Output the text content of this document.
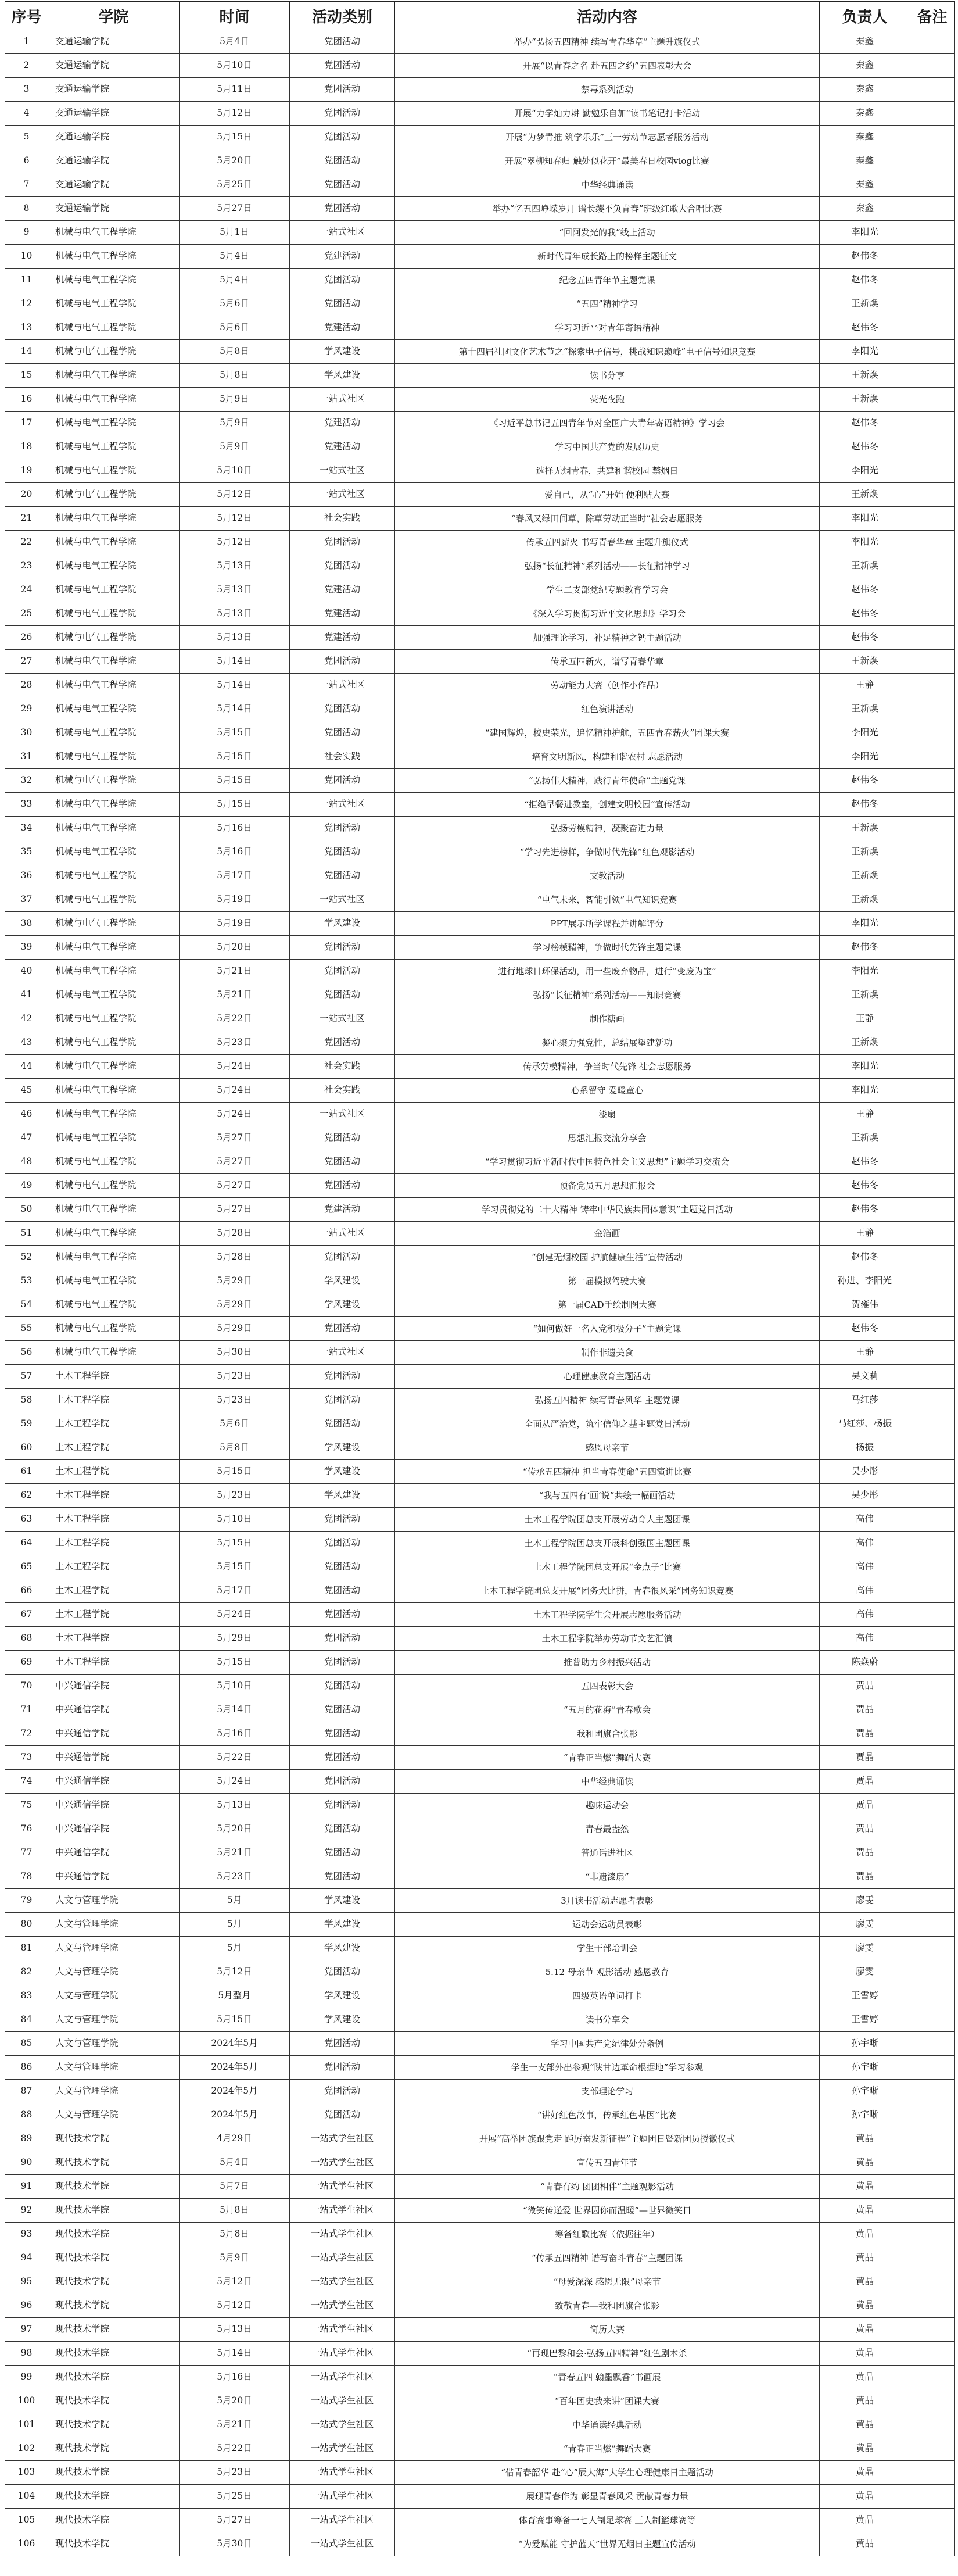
序号	学院	时间	活动类别	活动内容	负责人	备注
1	交通运输学院	5月4日	党团活动	举办“弘扬五四精神 续写青春华章”主题升旗仪式	秦鑫	
2	交通运输学院	5月10日	党团活动	开展“以青春之名 赴五四之约”五四表彰大会	秦鑫	
3	交通运输学院	5月11日	党团活动	禁毒系列活动	秦鑫	
4	交通运输学院	5月12日	党团活动	开展“力学灿力耕 勤勉乐自加”读书笔记打卡活动	秦鑫	
5	交通运输学院	5月15日	党团活动	开展“为梦青推 筑学乐乐”三一劳动节志愿者服务活动	秦鑫	
6	交通运输学院	5月20日	党团活动	开展“翠柳知春归 触处似花开”最美春日校园vlog比赛	秦鑫	
7	交通运输学院	5月25日	党团活动	中华经典诵读	秦鑫	
8	交通运输学院	5月27日	党团活动	举办“忆五四峥嵘岁月 谱长缨不负青春”班级红歌大合唱比赛	秦鑫	
9	机械与电气工程学院	5月1日	一站式社区	“回阿发光的我”线上活动	李阳光	
10	机械与电气工程学院	5月4日	党建活动	新时代青年成长路上的榜样主题征文	赵伟冬	
11	机械与电气工程学院	5月4日	党团活动	纪念五四青年节主题党课	赵伟冬	
12	机械与电气工程学院	5月6日	党团活动	“五四”精神学习	王新焕	
13	机械与电气工程学院	5月6日	党建活动	学习习近平对青年寄语精神	赵伟冬	
14	机械与电气工程学院	5月8日	学风建设	第十四届社团文化艺术节之“探索电子信号，挑战知识巅峰”电子信号知识竞赛	李阳光	
15	机械与电气工程学院	5月8日	学风建设	读书分享	王新焕	
16	机械与电气工程学院	5月9日	一站式社区	荧光夜跑	王新焕	
17	机械与电气工程学院	5月9日	党建活动	《习近平总书记五四青年节对全国广大青年寄语精神》学习会	赵伟冬	
18	机械与电气工程学院	5月9日	党建活动	学习中国共产党的发展历史	赵伟冬	
19	机械与电气工程学院	5月10日	一站式社区	选择无烟青春，共建和谐校园 禁烟日	李阳光	
20	机械与电气工程学院	5月12日	一站式社区	爱自己，从“心”开始 便利贴大赛	王新焕	
21	机械与电气工程学院	5月12日	社会实践	“春风又绿田间草，除草劳动正当时”社会志愿服务	李阳光	
22	机械与电气工程学院	5月12日	党团活动	传承五四薪火 书写青春华章 主题升旗仪式	李阳光	
23	机械与电气工程学院	5月13日	党团活动	弘扬“长征精神”系列活动——长征精神学习	王新焕	
24	机械与电气工程学院	5月13日	党建活动	学生二支部党纪专题教育学习会	赵伟冬	
25	机械与电气工程学院	5月13日	党建活动	《深入学习贯彻习近平文化思想》学习会	赵伟冬	
26	机械与电气工程学院	5月13日	党建活动	加强理论学习，补足精神之钙主题活动	赵伟冬	
27	机械与电气工程学院	5月14日	党团活动	传承五四新火，谱写青春华章	王新焕	
28	机械与电气工程学院	5月14日	一站式社区	劳动能力大赛（创作小作品）	王静	
29	机械与电气工程学院	5月14日	党团活动	红色演讲活动	王新焕	
30	机械与电气工程学院	5月15日	党团活动	“建国辉煌，校史荣光，追忆精神护航，五四青春薪火”团课大赛	李阳光	
31	机械与电气工程学院	5月15日	社会实践	培育文明新风，构建和谐农村 志愿活动	李阳光	
32	机械与电气工程学院	5月15日	党团活动	“弘扬伟大精神，践行青年使命”主题党课	赵伟冬	
33	机械与电气工程学院	5月15日	一站式社区	“拒绝早餐进教室，创建文明校园”宣传活动	赵伟冬	
34	机械与电气工程学院	5月16日	党团活动	弘扬劳模精神，凝聚奋进力量	王新焕	
35	机械与电气工程学院	5月16日	党团活动	“学习先进榜样，争做时代先锋”红色观影活动	王新焕	
36	机械与电气工程学院	5月17日	党团活动	支教活动	王新焕	
37	机械与电气工程学院	5月19日	一站式社区	“电气未来，智能引领”电气知识竞赛	王新焕	
38	机械与电气工程学院	5月19日	学风建设	PPT展示所学课程并讲解评分	李阳光	
39	机械与电气工程学院	5月20日	党团活动	学习榜模精神，争做时代先锋主题党课	赵伟冬	
40	机械与电气工程学院	5月21日	党团活动	进行地球日环保活动，用一些废弃物品，进行“变废为宝”	李阳光	
41	机械与电气工程学院	5月21日	党团活动	弘扬“长征精神”系列活动——知识竞赛	王新焕	
42	机械与电气工程学院	5月22日	一站式社区	制作糖画	王静	
43	机械与电气工程学院	5月23日	党团活动	凝心聚力强党性，总结展望建新功	王新焕	
44	机械与电气工程学院	5月24日	社会实践	传承劳模精神，争当时代先锋 社会志愿服务	李阳光	
45	机械与电气工程学院	5月24日	社会实践	心系留守 爱暖童心	李阳光	
46	机械与电气工程学院	5月24日	一站式社区	漆扇	王静	
47	机械与电气工程学院	5月27日	党团活动	思想汇报交流分享会	王新焕	
48	机械与电气工程学院	5月27日	党团活动	“学习贯彻习近平新时代中国特色社会主义思想”主题学习交流会	赵伟冬	
49	机械与电气工程学院	5月27日	党团活动	预备党员五月思想汇报会	赵伟冬	
50	机械与电气工程学院	5月27日	党建活动	学习贯彻党的二十大精神 铸牢中华民族共同体意识”主题党日活动	赵伟冬	
51	机械与电气工程学院	5月28日	一站式社区	金箔画	王静	
52	机械与电气工程学院	5月28日	党团活动	“创建无烟校园 护航健康生活”宣传活动	赵伟冬	
53	机械与电气工程学院	5月29日	学风建设	第一届模拟驾驶大赛	孙进、李阳光	
54	机械与电气工程学院	5月29日	学风建设	第一届CAD手绘制图大赛	贺雍伟	
55	机械与电气工程学院	5月29日	党团活动	“如何做好一名入党积极分子”主题党课	赵伟冬	
56	机械与电气工程学院	5月30日	一站式社区	制作非遗美食	王静	
57	土木工程学院	5月23日	党团活动	心理健康教育主题活动	吴文莉	
58	土木工程学院	5月23日	党团活动	弘扬五四精神 续写青春风华 主题党课	马红莎	
59	土木工程学院	5月6日	党团活动	全面从严治党，筑牢信仰之基主题党日活动	马红莎、杨振	
60	土木工程学院	5月8日	学风建设	感恩母亲节	杨振	
61	土木工程学院	5月15日	学风建设	“传承五四精神 担当青春使命”五四演讲比赛	吴少彤	
62	土木工程学院	5月23日	学风建设	“我与五四有‘画’说”共绘一幅画活动	吴少彤	
63	土木工程学院	5月10日	党团活动	土木工程学院团总支开展劳动育人主题团课	高伟	
64	土木工程学院	5月15日	党团活动	土木工程学院团总支开展科创强国主题团课	高伟	
65	土木工程学院	5月15日	党团活动	土木工程学院团总支开展“金点子”比赛	高伟	
66	土木工程学院	5月17日	党团活动	土木工程学院团总支开展“团务大比拼，青春很风采”团务知识竞赛	高伟	
67	土木工程学院	5月24日	党团活动	土木工程学院学生会开展志愿服务活动	高伟	
68	土木工程学院	5月29日	党团活动	土木工程学院举办劳动节文艺汇演	高伟	
69	土木工程学院	5月15日	党团活动	推普助力乡村振兴活动	陈焱蔚	
70	中兴通信学院	5月10日	党团活动	五四表彰大会	贾晶	
71	中兴通信学院	5月14日	党团活动	“五月的花海”青春歌会	贾晶	
72	中兴通信学院	5月16日	党团活动	我和团旗合张影	贾晶	
73	中兴通信学院	5月22日	党团活动	“青春正当燃”舞蹈大赛	贾晶	
74	中兴通信学院	5月24日	党团活动	中华经典诵读	贾晶	
75	中兴通信学院	5月13日	党团活动	趣味运动会	贾晶	
76	中兴通信学院	5月20日	党团活动	青春最盎然	贾晶	
77	中兴通信学院	5月21日	党团活动	普通话进社区	贾晶	
78	中兴通信学院	5月23日	党团活动	“非遗漆扇”	贾晶	
79	人文与管理学院	5月	学风建设	3月读书活动志愿者表彰	廖雯	
80	人文与管理学院	5月	学风建设	运动会运动员表彰	廖雯	
81	人文与管理学院	5月	学风建设	学生干部培训会	廖雯	
82	人文与管理学院	5月12日	党团活动	5.12 母亲节 观影活动 感恩教育	廖雯	
83	人文与管理学院	5月整月	学风建设	四级英语单词打卡	王雪婷	
84	人文与管理学院	5月15日	学风建设	读书分享会	王雪婷	
85	人文与管理学院	2024年5月	党团活动	学习中国共产党纪律处分条例	孙宇晰	
86	人文与管理学院	2024年5月	党团活动	学生一支部外出参观“陕甘边革命根据地”学习参观	孙宇晰	
87	人文与管理学院	2024年5月	党团活动	支部理论学习	孙宇晰	
88	人文与管理学院	2024年5月	党团活动	“讲好红色故事，传承红色基因”比赛	孙宇晰	
89	现代技术学院	4月29日	一站式学生社区	开展“高举团旗跟党走 踔厉奋发新征程”主题团日暨新团员授徽仪式	黄晶	
90	现代技术学院	5月4日	一站式学生社区	宣传五四青年节	黄晶	
91	现代技术学院	5月7日	一站式学生社区	“青春有约 团团相伴”主题观影活动	黄晶	
92	现代技术学院	5月8日	一站式学生社区	“微笑传递爱 世界因你而温暖”—世界微笑日	黄晶	
93	现代技术学院	5月8日	一站式学生社区	筹备红歌比赛（依据往年）	黄晶	
94	现代技术学院	5月9日	一站式学生社区	“传承五四精神 谱写奋斗青春”主题团课	黄晶	
95	现代技术学院	5月12日	一站式学生社区	“母爱深深 感恩无限”母亲节	黄晶	
96	现代技术学院	5月12日	一站式学生社区	致敬青春—我和团旗合张影	黄晶	
97	现代技术学院	5月13日	一站式学生社区	简历大赛	黄晶	
98	现代技术学院	5月14日	一站式学生社区	“再现巴黎和会·弘扬五四精神”红色剧本杀	黄晶	
99	现代技术学院	5月16日	一站式学生社区	“青春五四 翰墨飘香”书画展	黄晶	
100	现代技术学院	5月20日	一站式学生社区	“百年团史我来讲”团课大赛	黄晶	
101	现代技术学院	5月21日	一站式学生社区	中华诵读经典活动	黄晶	
102	现代技术学院	5月22日	一站式学生社区	“青春正当燃”舞蹈大赛	黄晶	
103	现代技术学院	5月23日	一站式学生社区	“借青春韶华 赴“心”辰大海”大学生心理健康日主题活动	黄晶	
104	现代技术学院	5月25日	一站式学生社区	展现青春作为 彰显青春风采 贡献青春力量	黄晶	
105	现代技术学院	5月27日	一站式学生社区	体育赛事筹备一七人制足球赛 三人制篮球赛等	黄晶	
106	现代技术学院	5月30日	一站式学生社区	“为爱赋能 守护蓝天”世界无烟日主题宣传活动	黄晶	
